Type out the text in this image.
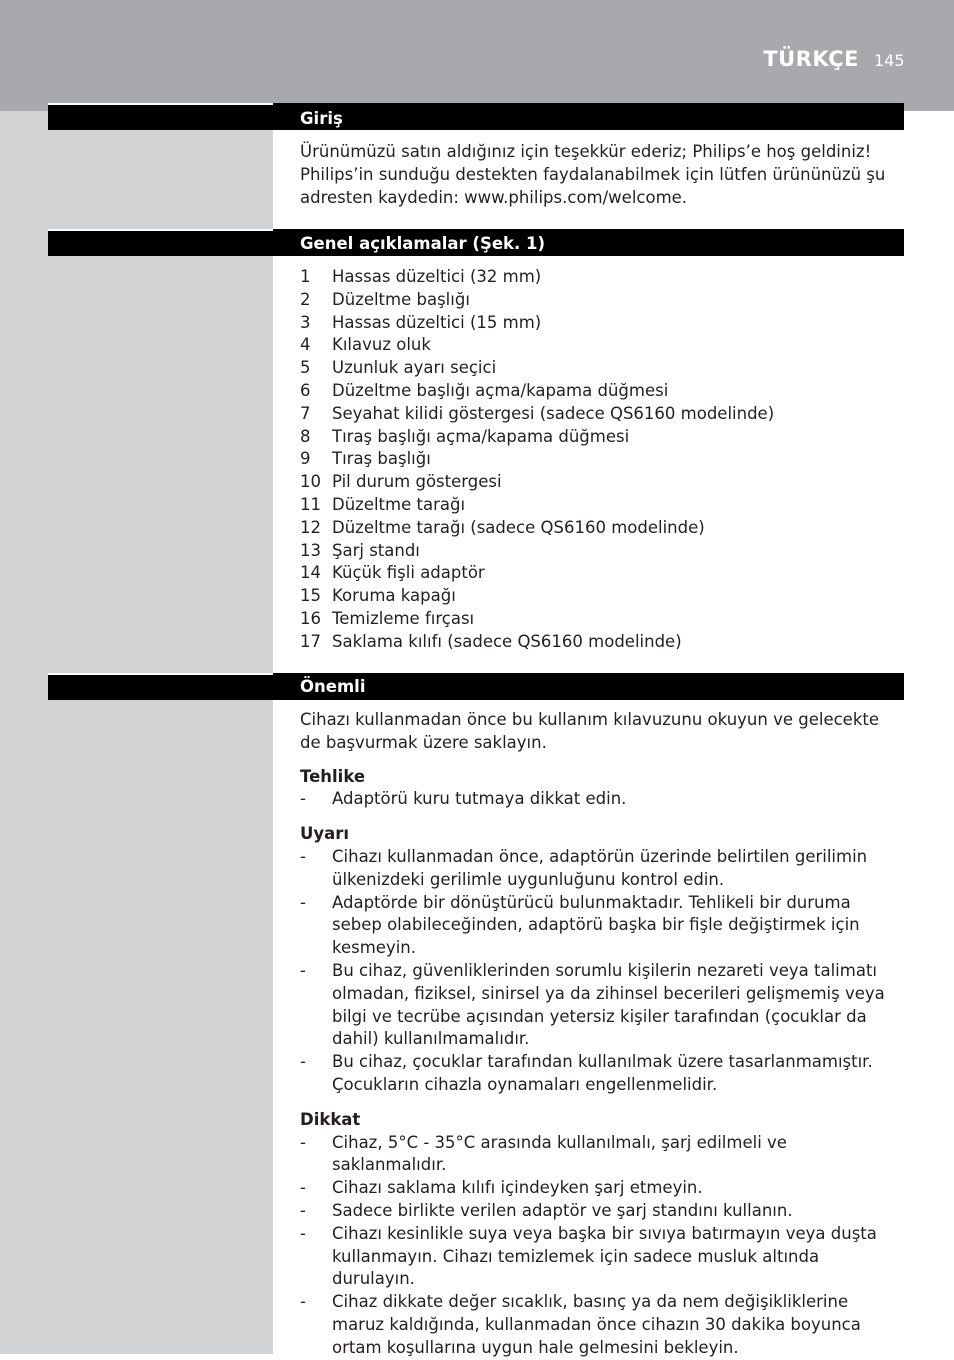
TÜRKÇE 145
Giriş

Ürünümüzü satın aldığınız için teşekkür ederiz; Philips’e hoş geldiniz! Philips’in sunduğu destekten faydalanabilmek için lütfen ürününüzü şu adresten kaydedin: www.philips.com/welcome.

Genel açıklamalar (Şek. 1)
1	Hassas düzeltici (32 mm)
2	Düzeltme başlığı
3	Hassas düzeltici (15 mm)
4	Kılavuz oluk
5	Uzunluk ayarı seçici
6	Düzeltme başlığı açma/kapama düğmesi
7	Seyahat kilidi göstergesi (sadece QS6160 modelinde)
8	Tıraş başlığı açma/kapama düğmesi
9	Tıraş başlığı
10 Pil durum göstergesi
11 Düzeltme tarağı
12 Düzeltme tarağı (sadece QS6160 modelinde)
13 Şarj standı
14 Küçük fişli adaptör
15 Koruma kapağı
16 Temizleme fırçası
17 Saklama kılıfı (sadece QS6160 modelinde)
Önemli

Cihazı kullanmadan önce bu kullanım kılavuzunu okuyun ve gelecekte de başvurmak üzere saklayın.

Tehlike

-	Adaptörü kuru tutmaya dikkat edin.

Uyarı

-	Cihazı kullanmadan önce, adaptörün üzerinde belirtilen gerilimin ülkenizdeki gerilimle uygunluğunu kontrol edin.
-	Adaptörde bir dönüştürücü bulunmaktadır. Tehlikeli bir duruma sebep olabileceğinden, adaptörü başka bir fişle değiştirmek için kesmeyin.
-	Bu cihaz, güvenliklerinden sorumlu kişilerin nezareti veya talimatı olmadan, fiziksel, sinirsel ya da zihinsel becerileri gelişmemiş veya bilgi ve tecrübe açısından yetersiz kişiler tarafından (çocuklar da dahil) kullanılmamalıdır.
-	Bu cihaz, çocuklar tarafından kullanılmak üzere tasarlanmamıştır. Çocukların cihazla oynamaları engellenmelidir.

Dikkat

-	Cihaz, 5°C - 35°C arasında kullanılmalı, şarj edilmeli ve saklanmalıdır.
-	Cihazı saklama kılıfı içindeyken şarj etmeyin.
-	Sadece birlikte verilen adaptör ve şarj standını kullanın.
-	Cihazı kesinlikle suya veya başka bir sıvıya batırmayın veya duşta kullanmayın. Cihazı temizlemek için sadece musluk altında durulayın.
-	Cihaz dikkate değer sıcaklık, basınç ya da nem değişikliklerine maruz kaldığında, kullanmadan önce cihazın 30 dakika boyunca ortam koşullarına uygun hale gelmesini bekleyin.
